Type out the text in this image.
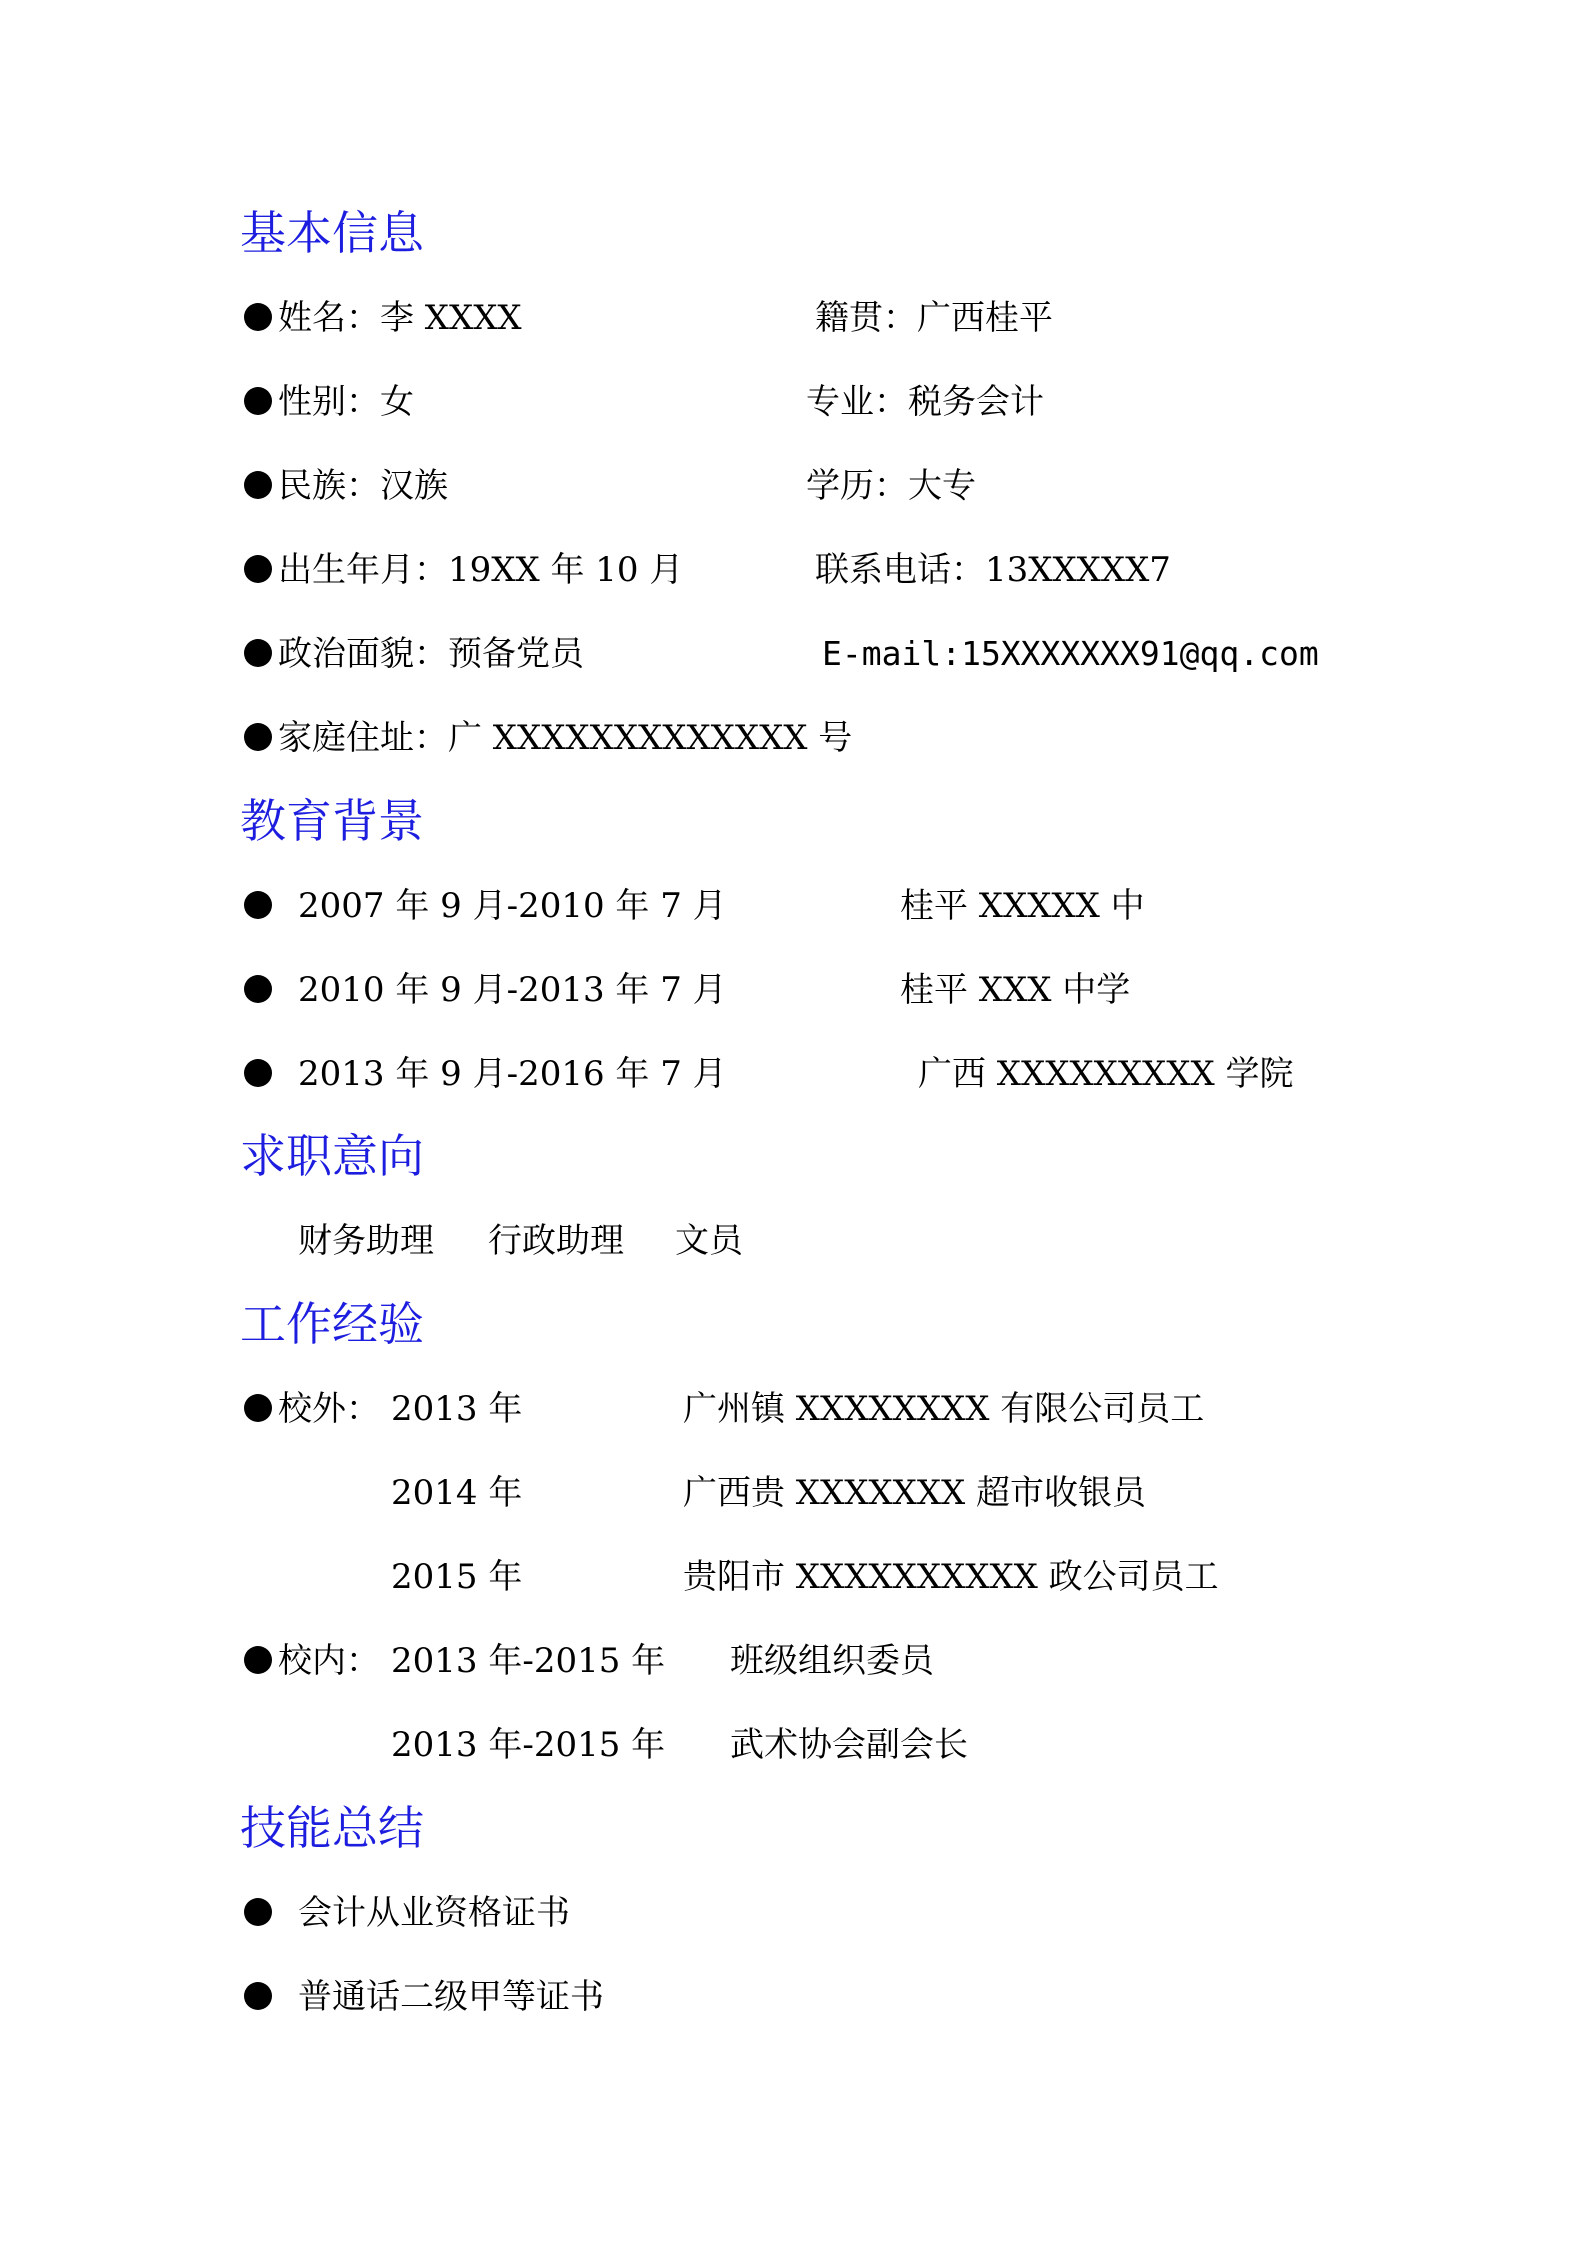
基本信息
姓名：李 XXXX	籍贯：广西桂平
性别：女	专业：税务会计
民族：汉族	学历：大专
出生年月：19XX 年 10 月	联系电话：13XXXXX7
政治面貌：预备党员	E-mail:15XXXXXXX91@qq.com
家庭住址：广 XXXXXXXXXXXXX 号
教育背景
2007 年 9 月-2010 年 7 月	桂平 XXXXX 中
2010 年 9 月-2013 年 7 月	桂平 XXX 中学
2013 年 9 月-2016 年 7 月	广西 XXXXXXXXX 学院
求职意向
财务助理 行政助理 文员
工作经验
校外： 2013 年	广州镇 XXXXXXXX 有限公司员工
2014 年	广西贵 XXXXXXX 超市收银员
2015 年	贵阳市 XXXXXXXXXX 政公司员工
校内： 2013 年-2015 年 班级组织委员
2013 年-2015 年 武术协会副会长
技能总结
会计从业资格证书
普通话二级甲等证书
